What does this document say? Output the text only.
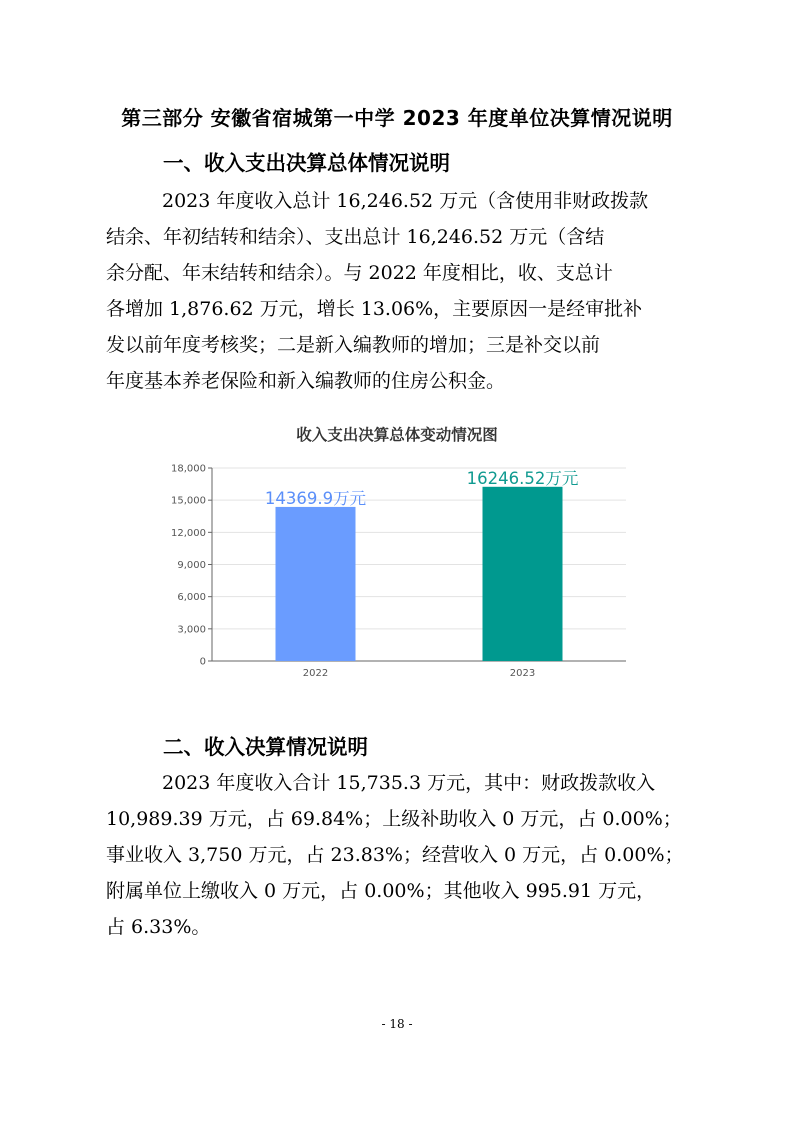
第三部分 安徽省宿城第一中学 2023 年度单位决算情况说明
一、收入支出决算总体情况说明
2023 年度收入总计 16,246.52 万元（含使用非财政拨款
结余、年初结转和结余）、支出总计 16,246.52 万元（含结
余分配、年末结转和结余）。与 2022 年度相比，收、支总计
各增加 1,876.62 万元，增长 13.06%，主要原因一是经审批补
发以前年度考核奖；二是新入编教师的增加；三是补交以前
年度基本养老保险和新入编教师的住房公积金。
收入支出决算总体变动情况图
0
3,000
6,000
9,000
12,000
15,000
18,000
14369.9万元
2022
16246.52万元
2023
二、收入决算情况说明
2023 年度收入合计 15,735.3 万元，其中：财政拨款收入
10,989.39 万元，占 69.84%；上级补助收入 0 万元，占 0.00%；
事业收入 3,750 万元，占 23.83%；经营收入 0 万元，占 0.00%；
附属单位上缴收入 0 万元，占 0.00%；其他收入 995.91 万元，
占 6.33%。
- 18 -
